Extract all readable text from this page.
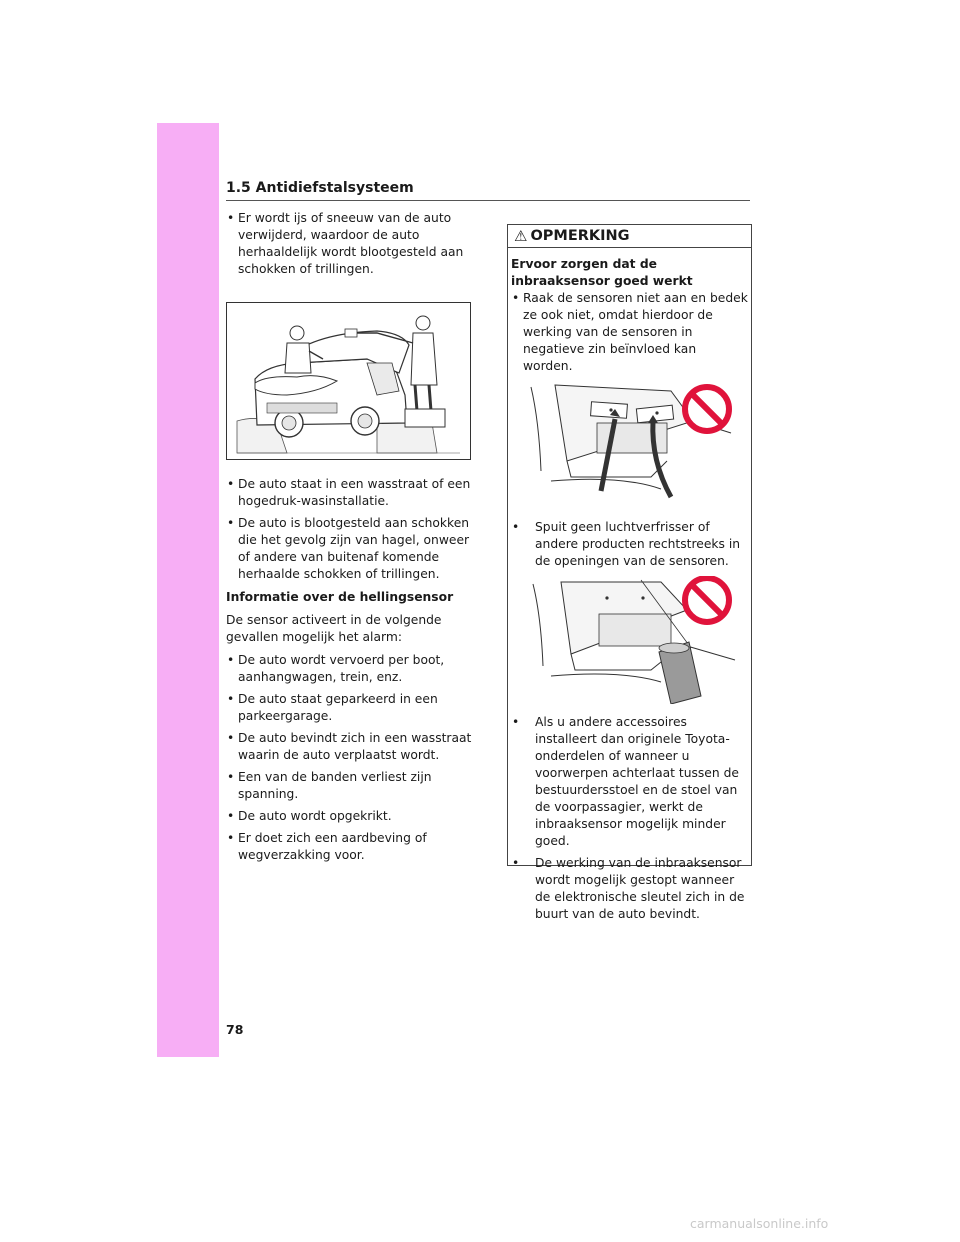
1.5 Antidiefstalsysteem
• Er wordt ijs of sneeuw van de auto verwijderd, waardoor de auto herhaaldelijk wordt blootgesteld aan schokken of trillingen.
• De auto staat in een wasstraat of een hogedruk-wasinstallatie.
• De auto is blootgesteld aan schokken die het gevolg zijn van hagel, onweer of andere van buitenaf komende herhaalde schokken of trillingen.
Informatie over de hellingsensor
De sensor activeert in de volgende gevallen mogelijk het alarm:
• De auto wordt vervoerd per boot, aanhangwagen, trein, enz.
• De auto staat geparkeerd in een parkeergarage.
• De auto bevindt zich in een wasstraat waarin de auto verplaatst wordt.
• Een van de banden verliest zijn spanning.
• De auto wordt opgekrikt.
• Er doet zich een aardbeving of wegverzakking voor.
⚠ OPMERKING
Ervoor zorgen dat de inbraaksensor goed werkt
• Raak de sensoren niet aan en bedek ze ook niet, omdat hierdoor de werking van de sensoren in negatieve zin beïnvloed kan worden.
• Spuit geen luchtverfrisser of andere producten rechtstreeks in de openingen van de sensoren.
• Als u andere accessoires installeert dan originele Toyota-onderdelen of wanneer u voorwerpen achterlaat tussen de bestuurdersstoel en de stoel van de voorpassagier, werkt de inbraaksensor mogelijk minder goed.
• De werking van de inbraaksensor wordt mogelijk gestopt wanneer de elektronische sleutel zich in de buurt van de auto bevindt.
78
carmanualsonline.info
